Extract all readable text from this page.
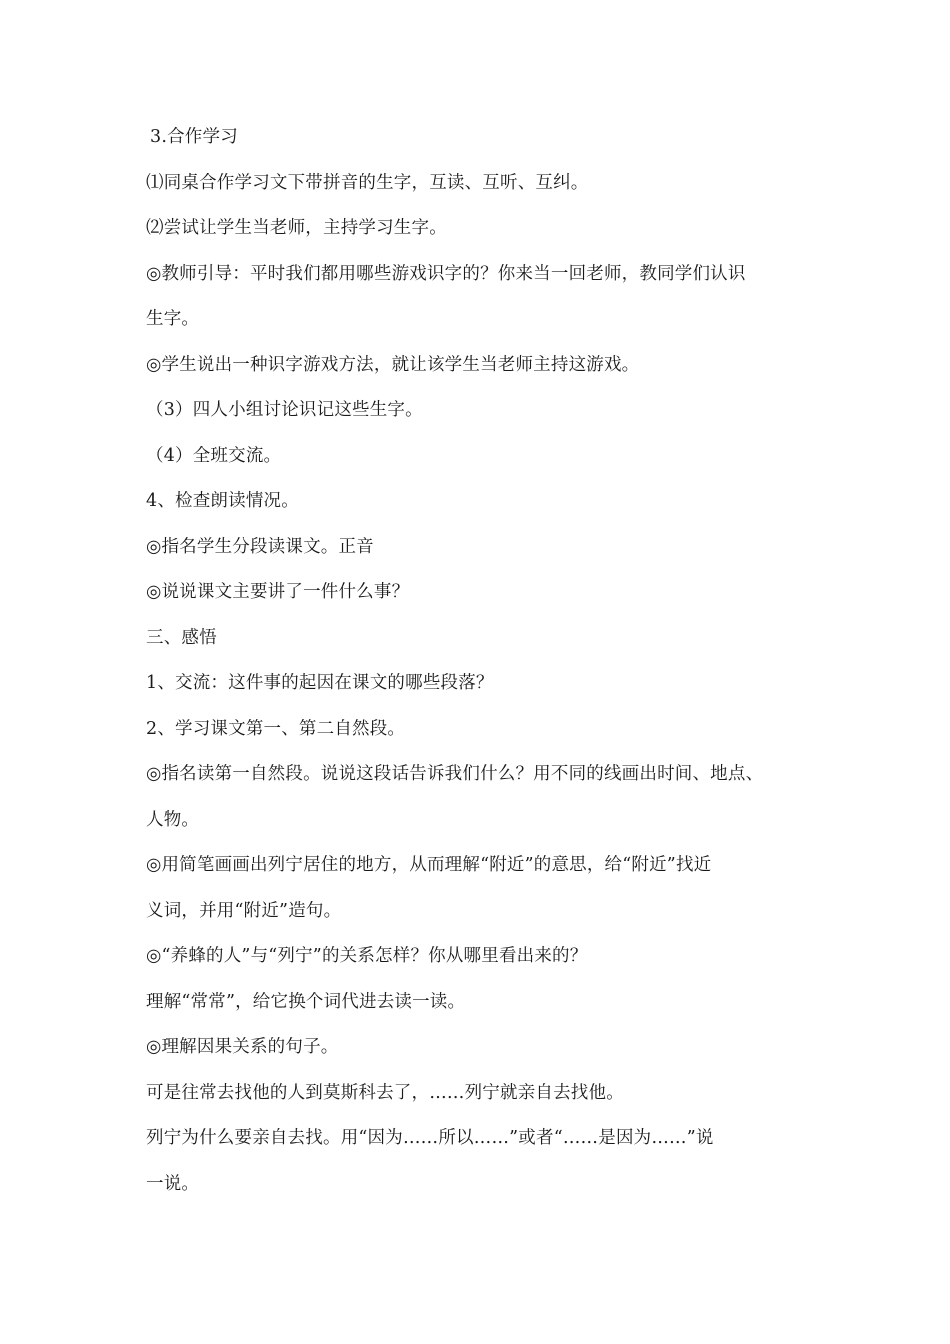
3.合作学习
⑴同桌合作学习文下带拼音的生字，互读、互听、互纠。
⑵尝试让学生当老师，主持学习生字。
◎教师引导：平时我们都用哪些游戏识字的？你来当一回老师，教同学们认识
生字。
◎学生说出一种识字游戏方法，就让该学生当老师主持这游戏。
（3）四人小组讨论识记这些生字。
（4）全班交流。
4、检查朗读情况。
◎指名学生分段读课文。正音
◎说说课文主要讲了一件什么事？
三、感悟
1、交流：这件事的起因在课文的哪些段落？
2、学习课文第一、第二自然段。
◎指名读第一自然段。说说这段话告诉我们什么？用不同的线画出时间、地点、
人物。
◎用简笔画画出列宁居住的地方，从而理解“附近”的意思，给“附近”找近
义词，并用“附近”造句。
◎“养蜂的人”与“列宁”的关系怎样？你从哪里看出来的？
理解“常常”，给它换个词代进去读一读。
◎理解因果关系的句子。
可是往常去找他的人到莫斯科去了，……列宁就亲自去找他。
列宁为什么要亲自去找。用“因为……所以……”或者“……是因为……”说
一说。
